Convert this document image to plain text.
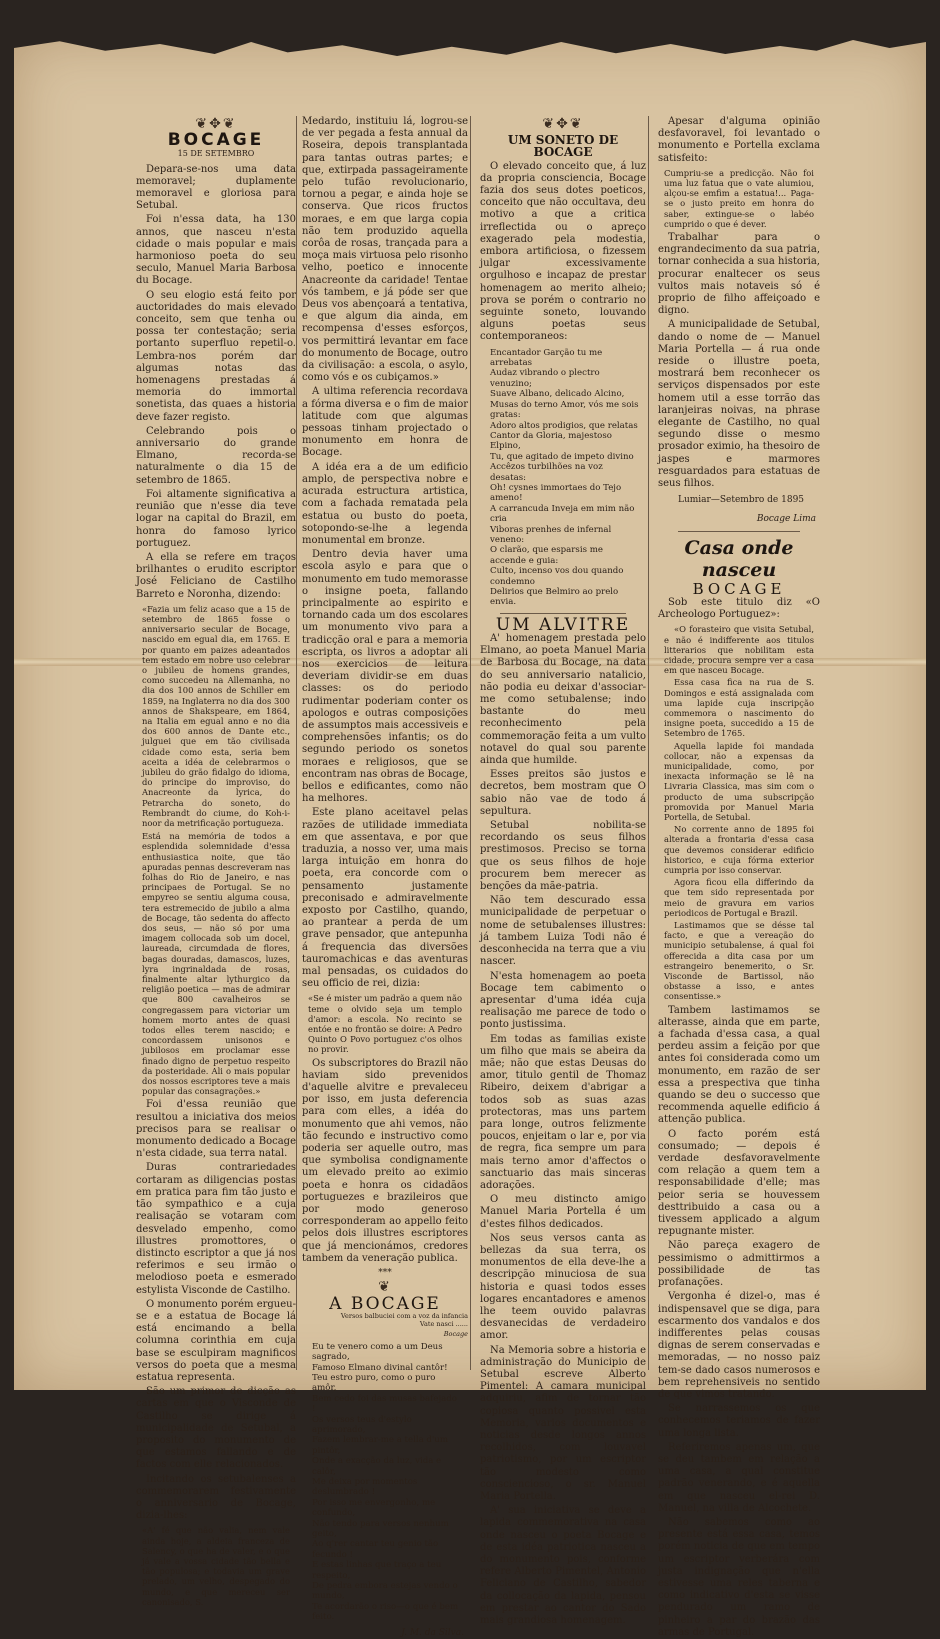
❦✥❦
BOCAGE
15 DE SETEMBRO

Depara-se-nos uma data memoravel; duplamente memoravel e gloriosa para Setubal.

Foi n'essa data, ha 130 annos, que nasceu n'esta cidade o mais popular e mais harmonioso poeta do seu seculo, Manuel Maria Barbosa du Bocage.

O seu elogio está feito por auctoridades do mais elevado conceito, sem que tenha ou possa ter contestação; seria portanto superfluo repetil-o. Lembra-nos porém dar algumas notas das homenagens prestadas á memoria do immortal sonetista, das quaes a historia deve fazer registo.

Celebrando pois o anniversario do grande Elmano, recorda-se naturalmente o dia 15 de setembro de 1865.

Foi altamente significativa a reunião que n'esse dia teve logar na capital do Brazil, em honra do famoso lyrico portuguez.

A ella se refere em traços brilhantes o erudito escriptor José Feliciano de Castilho Barreto e Noronha, dizendo:

«Fazia um feliz acaso que a 15 de setembro de 1865 fosse o anniversario secular de Bocage, nascido em egual dia, em 1765. E por quanto em paizes adeantados tem estado em nobre uso celebrar o jubileu de homens grandes, como succedeu na Allemanha, no dia dos 100 annos de Schiller em 1859, na Inglaterra no dia dos 300 annos de Shakspeare, em 1864, na Italia em egual anno e no dia dos 600 annos de Dante etc., julguei que em tão civilisada cidade como esta, seria bem aceita a idéa de celebrarmos o jubileu do grão fidalgo do idioma, do principe do improviso, do Anacreonte da lyrica, do Petrarcha do soneto, do Rembrandt do ciume, do Koh-i-noor da metrificação portugueza.
Está na memória de todos a esplendida solemnidade d'essa enthusiastica noite, que tão apuradas pennas descreveram nas folhas do Rio de Janeiro, e nas principaes de Portugal. Se no empyreo se sentiu alguma cousa, tera estremecido de jubilo a alma de Bocage, tão sedenta do affecto dos seus, — não só por uma imagem collocada sob um docel, laureada, circumdada de flores, bagas douradas, damascos, luzes, lyra ingrinaldada de rosas, finalmente altar lythurgico da religião poetica — mas de admirar que 800 cavalheiros se congregassem para victoriar um homem morto antes de quasi todos elles terem nascido; e concordassem unisonos e jubilosos em proclamar esse finado digno de perpetuo respeito da posteridade. Ali o mais popular dos nossos escriptores teve a mais popular das consagrações.»

Foi d'essa reunião que resultou a iniciativa dos meios precisos para se realisar o monumento dedicado a Bocage n'esta cidade, sua terra natal.

Duras contrariedades cortaram as diligencias postas em pratica para fim tão justo e tão sympathico e a cuja realisação se votaram com desvelado empenho, como illustres promottores, o distincto escriptor a que já nos referimos e seu irmão o melodioso poeta e esmerado estylista Visconde de Castilho.

O monumento porém ergueu-se e a estatua de Bocage lá está encimando a bella columna corinthia em cuja base se esculpiram magnificos versos do poeta que a mesma estatua representa.

São um primor de dicção as cartas em que o Visconde de Castilho se dirige á municipalidade de Setubal, a proposito do monumento de que estamos fallando e de factos com elle relacionados.

Incitando os setubalenses a commemorarem festivamente o anniversario de Bocage, dizia-lhes:

«A' fé que não valia, nem vale ainda hoje, a aldeia franceza de Salency, o que ha de valer, e o que já vale a vossa cidade tão bella e tão populosa; e todavia um grave prelado, um velho, despegado do mundo, e que mereceu ser canonisado, S.

Medardo, instituiu lá, logrou-se de ver pegada a festa annual da Roseira, depois transplantada para tantas outras partes; e que, extirpada passageiramente pelo tufão revolucionario, tornou a pegar, e ainda hoje se conserva. Que ricos fructos moraes, e em que larga copia não tem produzido aquella corôa de rosas, trançada para a moça mais virtuosa pelo risonho velho, poetico e innocente Anacreonte da caridade! Tentae vós tambem, e já póde ser que Deus vos abençoará a tentativa, e que algum dia ainda, em recompensa d'esses esforços, vos permittirá levantar em face do monumento de Bocage, outro da civilisação: a escola, o asylo, como vós e os cubiçamos.»

A ultima referencia recordava a fórma diversa e o fim de maior latitude com que algumas pessoas tinham projectado o monumento em honra de Bocage.

A idéa era a de um edificio amplo, de perspectiva nobre e acurada estructura artistica, com a fachada rematada pela estatua ou busto do poeta, sotopondo-se-lhe a legenda monumental em bronze.

Dentro devia haver uma escola asylo e para que o monumento em tudo memorasse o insigne poeta, fallando principalmente ao espirito e tornando cada um dos escolares um monumento vivo para a tradicção oral e para a memoria escripta, os livros a adoptar ali nos exercicios de leitura deveriam dividir-se em duas classes: os do periodo rudimentar poderiam conter os apologos e outras composições de assumptos mais accessiveis e comprehensões infantis; os do segundo periodo os sonetos moraes e religiosos, que se encontram nas obras de Bocage, bellos e edificantes, como não ha melhores.

Este plano aceitavel pelas razões de utilidade immediata em que assentava, e por que traduzia, a nosso ver, uma mais larga intuição em honra do poeta, era concorde com o pensamento justamente preconisado e admiravelmente exposto por Castilho, quando, ao prantear a perda de um grave pensador, que antepunha á frequencia das diversões tauromachicas e das aventuras mal pensadas, os cuidados do seu officio de rei, dizia:

«Se é mister um padrão a quem não teme o olvido seja um templo d'amor: a escola. No recinto se entóe e no frontão se doire: A Pedro Quinto O Povo portuguez c'os olhos no provir.

Os subscriptores do Brazil não haviam sido prevenidos d'aquelle alvitre e prevaleceu por isso, em justa deferencia para com elles, a idéa do monumento que ahi vemos, não tão fecundo e instructivo como poderia ser aquelle outro, mas que symbolisa condignamente um elevado preito ao eximio poeta e honra os cidadãos portuguezes e brazileiros que por modo generoso corresponderam ao appello feito pelos dois illustres escriptores que já mencionámos, credores tambem da veneração publica.

***
❦
A BOCAGE
Versos balbuciei com a voz da infancia
Vate nasci ......
Bocage
Eu te venero como a um Deus sagrado,
Famoso Elmano divinal cantôr!
Teu estro puro, como o puro amôr,
Bem cedo foi das musas bafejado !
Os versos teus d'estylo aprimorado,
Fazem lembrar-me a tella d'um pintôr,
Onde a exacção da luz, vida e calôr,
Me deixa por momentos deslumbrado !
Por isso me envergonho, me confundo,
Não tendo para versos nenhum geito,
Ao q'rer cantar teu genio tão fecundo !
E estas linhas que traço a teu respeito,
De pedra embora estejas vendo o mundo,
Te acordarão o riso—o que é bem feito.
J. M. da Silva.
❦✥❦
UM SONETO DE BOCAGE

O elevado conceito que, á luz da propria consciencia, Bocage fazia dos seus dotes poeticos, conceito que não occultava, deu motivo a que a critica irreflectida ou o apreço exagerado pela modestia, embora artificiosa, o fizessem julgar excessivamente orgulhoso e incapaz de prestar homenagem ao merito alheio; prova se porém o contrario no seguinte soneto, louvando alguns poetas seus contemporaneos:

Encantador Garção tu me arrebatas
Audaz vibrando o plectro venuzino;
Suave Albano, delicado Alcino,
Musas do terno Amor, vós me sois gratas:
Adoro altos prodigios, que relatas
Cantor da Gloria, majestoso Elpino,
Tu, que agitado de impeto divino
Accêzos turbilhões na voz desatas:
Oh! cysnes immortaes do Tejo ameno!
A carrancuda Inveja em mim não cria
Viboras prenhes de infernal veneno:
O clarão, que esparsis me accende e guia:
Culto, incenso vos dou quando condemno
Delirios que Belmiro ao prelo envia.
UM ALVITRE

A' homenagem prestada pelo Elmano, ao poeta Manuel Maria de Barbosa du Bocage, na data do seu anniversario natalicio, não podia eu deixar d'associar-me como setubalense; indo bastante do meu reconhecimento pela commemoração feita a um vulto notavel do qual sou parente ainda que humilde.

Esses preitos são justos e decretos, bem mostram que O sabio não vae de todo á sepultura.

Setubal nobilita-se recordando os seus filhos prestimosos. Preciso se torna que os seus filhos de hoje procurem bem merecer as benções da mãe-patria.

Não tem descurado essa municipalidade de perpetuar o nome de setubalenses illustres: já tambem Luiza Todi não é desconhecida na terra que a viu nascer.

N'esta homenagem ao poeta Bocage tem cabimento o apresentar d'uma idéa cuja realisação me parece de todo o ponto justissima.

Em todas as familias existe um filho que mais se abeira da mãe; não que estas Deusas do amor, titulo gentil de Thomaz Ribeiro, deixem d'abrigar a todos sob as suas azas protectoras, mas uns partem para longe, outros felizmente poucos, enjeitam o lar e, por via de regra, fica sempre um para mais terno amor d'affectos o sanctuario das mais sinceras adorações.

O meu distincto amigo Manuel Maria Portella é um d'estes filhos dedicados.

Nos seus versos canta as bellezas da sua terra, os monumentos de ella deve-lhe a descripção minuciosa de sua historia e quasi todos esses logares encantadores e amenos lhe teem ouvido palavras desvanecidas de verdadeiro amor.

Na Memoria sobre a historia e administração do Municipio de Setubal escreve Alberto Pimentel: A camara municipal adquiriu, afim de tornar tão copiosa quanto possivel esta Memoria, varios documentos e noticias desde longos annos recolhidos, com louvavel patriotismo, por um escriptor tão modesto como consciencioso, o sr. Manuel Maria Portella.

A' sua iniciativa se deve a lapida commemorativa na casa onde nasceu o poeta Bocage e de esta idéa patriotica nasceu a do monumento pois, conforme refere Alberto Pimentel, Antonio Feliciano de Castilho, sabedor da collocação da lapida, pensou em prestar ao cantor do Sado mais grandiosa homenagem.

Apesar d'alguma opinião desfavoravel, foi levantado o monumento e Portella exclama satisfeito:

Cumpriu-se a predicção. Não foi uma luz fatua que o vate alumiou, alçou-se emfim a estatua!... Paga-se o justo preito em honra do saber, extingue-se o labéo cumprido o que é dever.

Trabalhar para o engrandecimento da sua patria, tornar conhecida a sua historia, procurar enaltecer os seus vultos mais notaveis só é proprio de filho affeiçoado e digno.

A municipalidade de Setubal, dando o nome de — Manuel Maria Portella — á rua onde reside o illustre poeta, mostrará bem reconhecer os serviços dispensados por este homem util a esse torrão das laranjeiras noivas, na phrase elegante de Castilho, no qual segundo disse o mesmo prosador eximio, ha thesoiro de jaspes e marmores resguardados para estatuas de seus filhos.

Lumiar—Setembro de 1895
Bocage Lima
Casa onde nasceu
BOCAGE

Sob este titulo diz «O Archeologo Portuguez»:

«O forasteiro que visita Setubal, e não é indifferente aos titulos litterarios que nobilitam esta cidade, procura sempre ver a casa em que nasceu Bocage.

Essa casa fica na rua de S. Domingos e está assignalada com uma lapide cuja inscripção commemora o nascimento do insigne poeta, succedido a 15 de Setembro de 1765.

Aquella lapide foi mandada collocar, não a expensas da municipalidade, como, por inexacta informação se lê na Livraria Classica, mas sim com o producto de uma subscripção promovida por Manuel Maria Portella, de Setubal.

No corrente anno de 1895 foi alterada a frontaria d'essa casa que devemos considerar edificio historico, e cuja fórma exterior cumpria por isso conservar.

Agora ficou ella differindo da que tem sido representada por meio de gravura em varios periodicos de Portugal e Brazil.

Lastimamos que se désse tal facto, e que a vereação do municipio setubalense, á qual foi offerecida a dita casa por um estrangeiro benemerito, o Sr. Visconde de Bartissol, não obstasse a isso, e antes consentisse.»

Tambem lastimamos se alterasse, ainda que em parte, a fachada d'essa casa, a qual perdeu assim a feição por que antes foi considerada como um monumento, em razão de ser essa a prespectiva que tinha quando se deu o successo que recommenda aquelle edificio á attenção publica.

O facto porém está consumado; — depois é verdade desfavoravelmente com relação a quem tem a responsabilidade d'elle; mas peior seria se houvessem desttribuido a casa ou a tivessem applicado a algum repugnante mister.

Não pareça exagero de pessimismo o admittirmos a possibilidade de tas profanações.

Vergonha é dizel-o, mas é indispensavel que se diga, para escarmento dos vandalos e dos indifferentes pelas cousas dignas de serem conservadas e memoradas, — no nosso paiz tem-se dado casos numerosos e bem reprehensiveis no sentido de que vimos tratando.

Se narrassemos os que conhecemos teriamos de fazer uma longa lista.

Referiremos apenas um, que se deu tambem em relação a uma casa, a qual constitue padrão venerando, e é aquella em que nasceu el-rei D. Manuel, na villa de Alcochete.

Não sabemos como ao presente está essa casa, temos porém noticia de que em tempo um escriptor verberára com justa indignação que n'ella estivesse uma reles taberna e como indicativo d'esta se visse pendurado um ramo de pinheiro a par do brazão das armas de Portugal.
